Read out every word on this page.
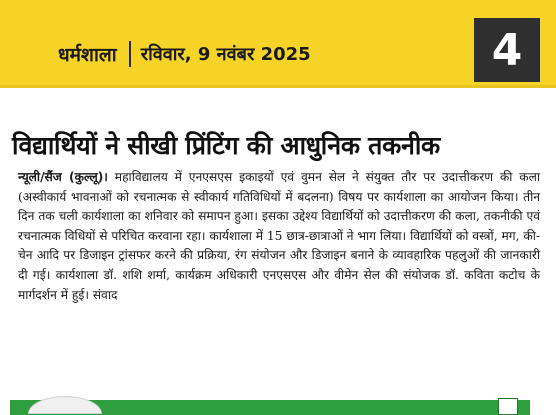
धर्मशाला रविवार, 9 नवंबर 2025	4
विद्यार्थियों ने सीखी प्रिंटिंग की आधुनिक तकनीक
न्यूली/सैंज (कुल्लू)। महाविद्यालय में एनएसएस इकाइयों एवं वुमन सेल ने संयुक्त तौर पर उदात्तीकरण की कला (अस्वीकार्य भावनाओं को रचनात्मक से स्वीकार्य गतिविधियों में बदलना) विषय पर कार्यशाला का आयोजन किया। तीन दिन तक चली कार्यशाला का शनिवार को समापन हुआ। इसका उद्देश्य विद्यार्थियों को उदात्तीकरण की कला, तकनीकी एवं रचनात्मक विधियों से परिचित करवाना रहा। कार्यशाला में 15 छात्र-छात्राओं ने भाग लिया। विद्यार्थियों को वस्त्रों, मग, की-चेन आदि पर डिजाइन ट्रांसफर करने की प्रक्रिया, रंग संयोजन और डिजाइन बनाने के व्यावहारिक पहलुओं की जानकारी दी गई। कार्यशाला डॉ. शशि शर्मा, कार्यक्रम अधिकारी एनएसएस और वीमेन सेल की संयोजक डॉ. कविता कटोच के मार्गदर्शन में हुई। संवाद
